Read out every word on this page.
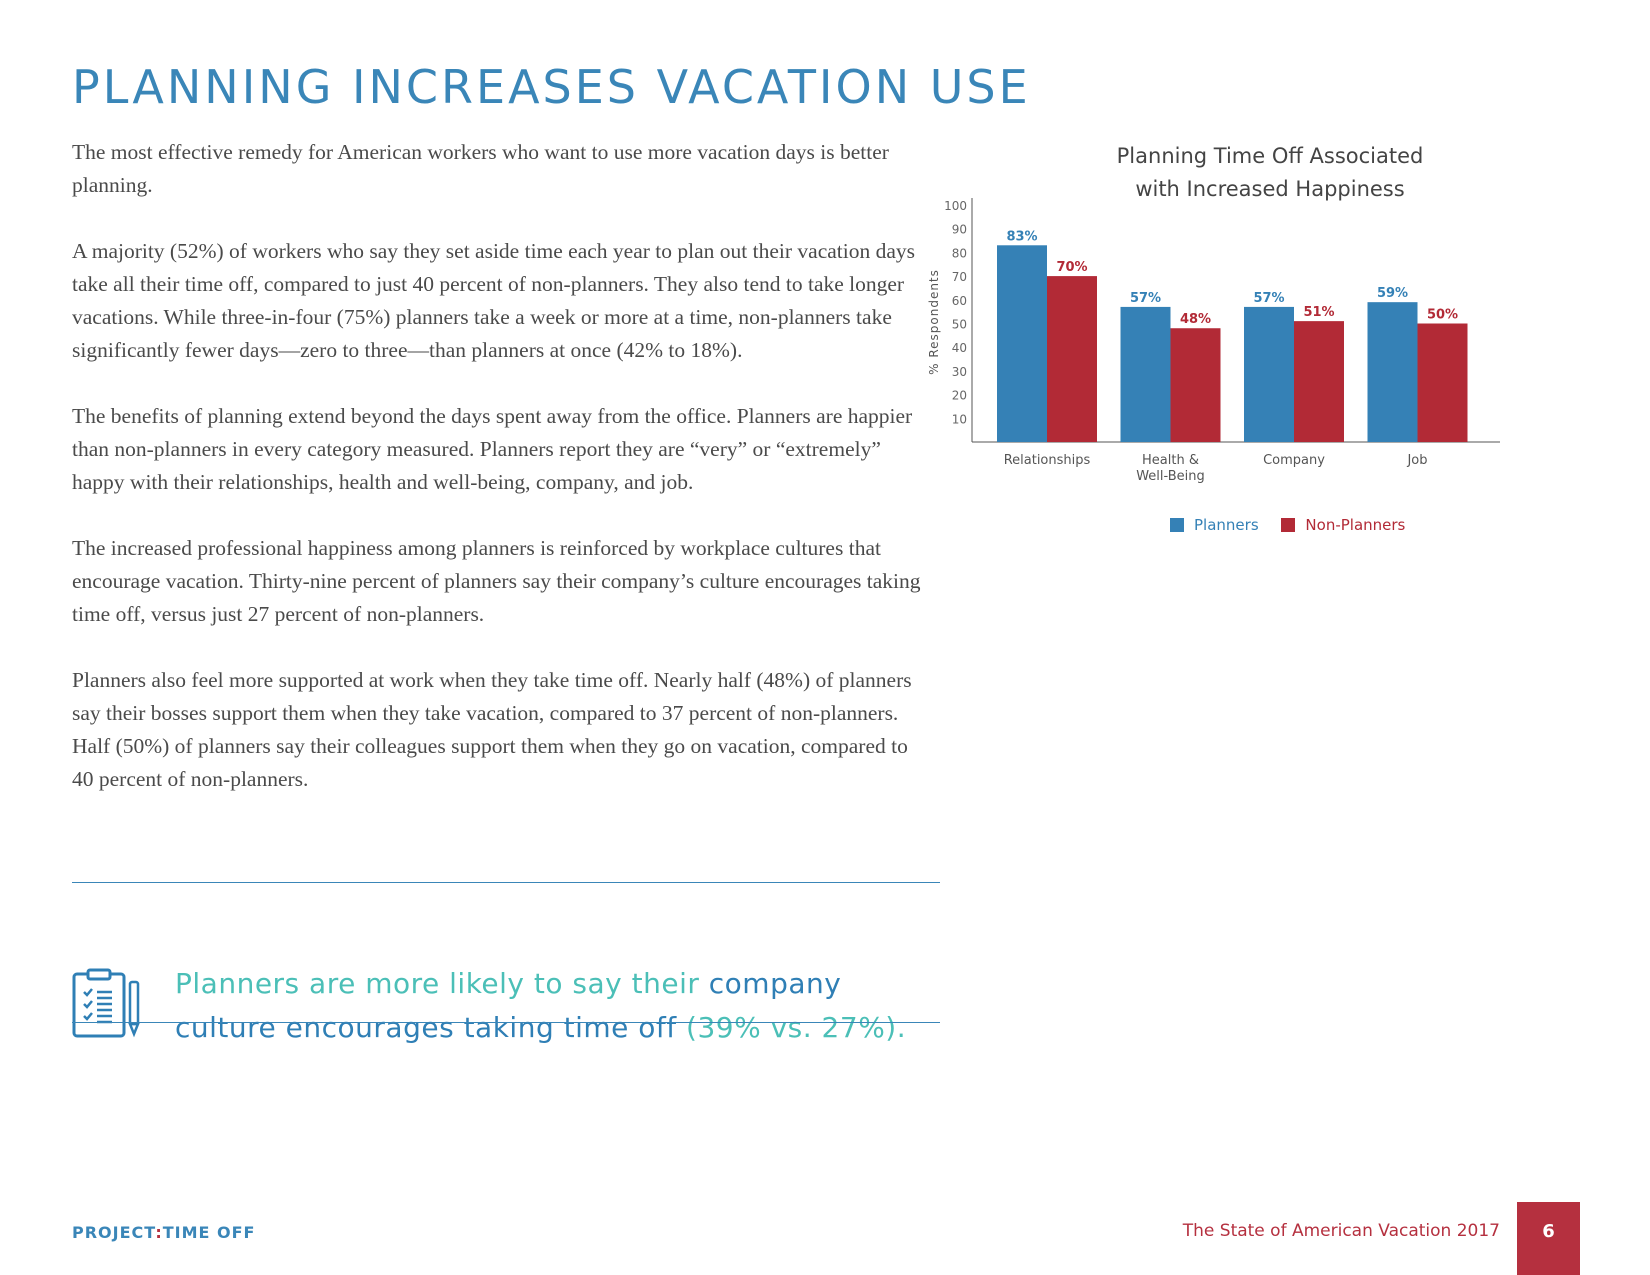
PLANNING INCREASES VACATION USE

The most effective remedy for American workers who want to use more vacation days is better planning.

A majority (52%) of workers who say they set aside time each year to plan out their vacation days take all their time off, compared to just 40 percent of non-planners. They also tend to take longer vacations. While three-in-four (75%) planners take a week or more at a time, non-planners take significantly fewer days—zero to three—than planners at once (42% to 18%).

The benefits of planning extend beyond the days spent away from the office. Planners are happier than non-planners in every category measured. Planners report they are “very” or “extremely” happy with their relationships, health and well-being, company, and job.

The increased professional happiness among planners is reinforced by workplace cultures that encourage vacation. Thirty-nine percent of planners say their company’s culture encourages taking time off, versus just 27 percent of non-planners.

Planners also feel more supported at work when they take time off. Nearly half (48%) of planners say their bosses support them when they take vacation, compared to 37 percent of non-planners. Half (50%) of planners say their colleagues support them when they go on vacation, compared to 40 percent of non-planners.

Planning Time Off Associated
with Increased Happiness
10
20
30
40
50
60
70
80
90
100
% Respondents
83%
70%
Relationships
57%
48%
Health &
Well-Being
57%
51%
Company
59%
50%
Job
Planners
	Non-Planners
Planners are more likely to say their company culture encourages taking time off (39% vs. 27%).
PROJECT:TIME OFF	The State of American Vacation 2017	6
